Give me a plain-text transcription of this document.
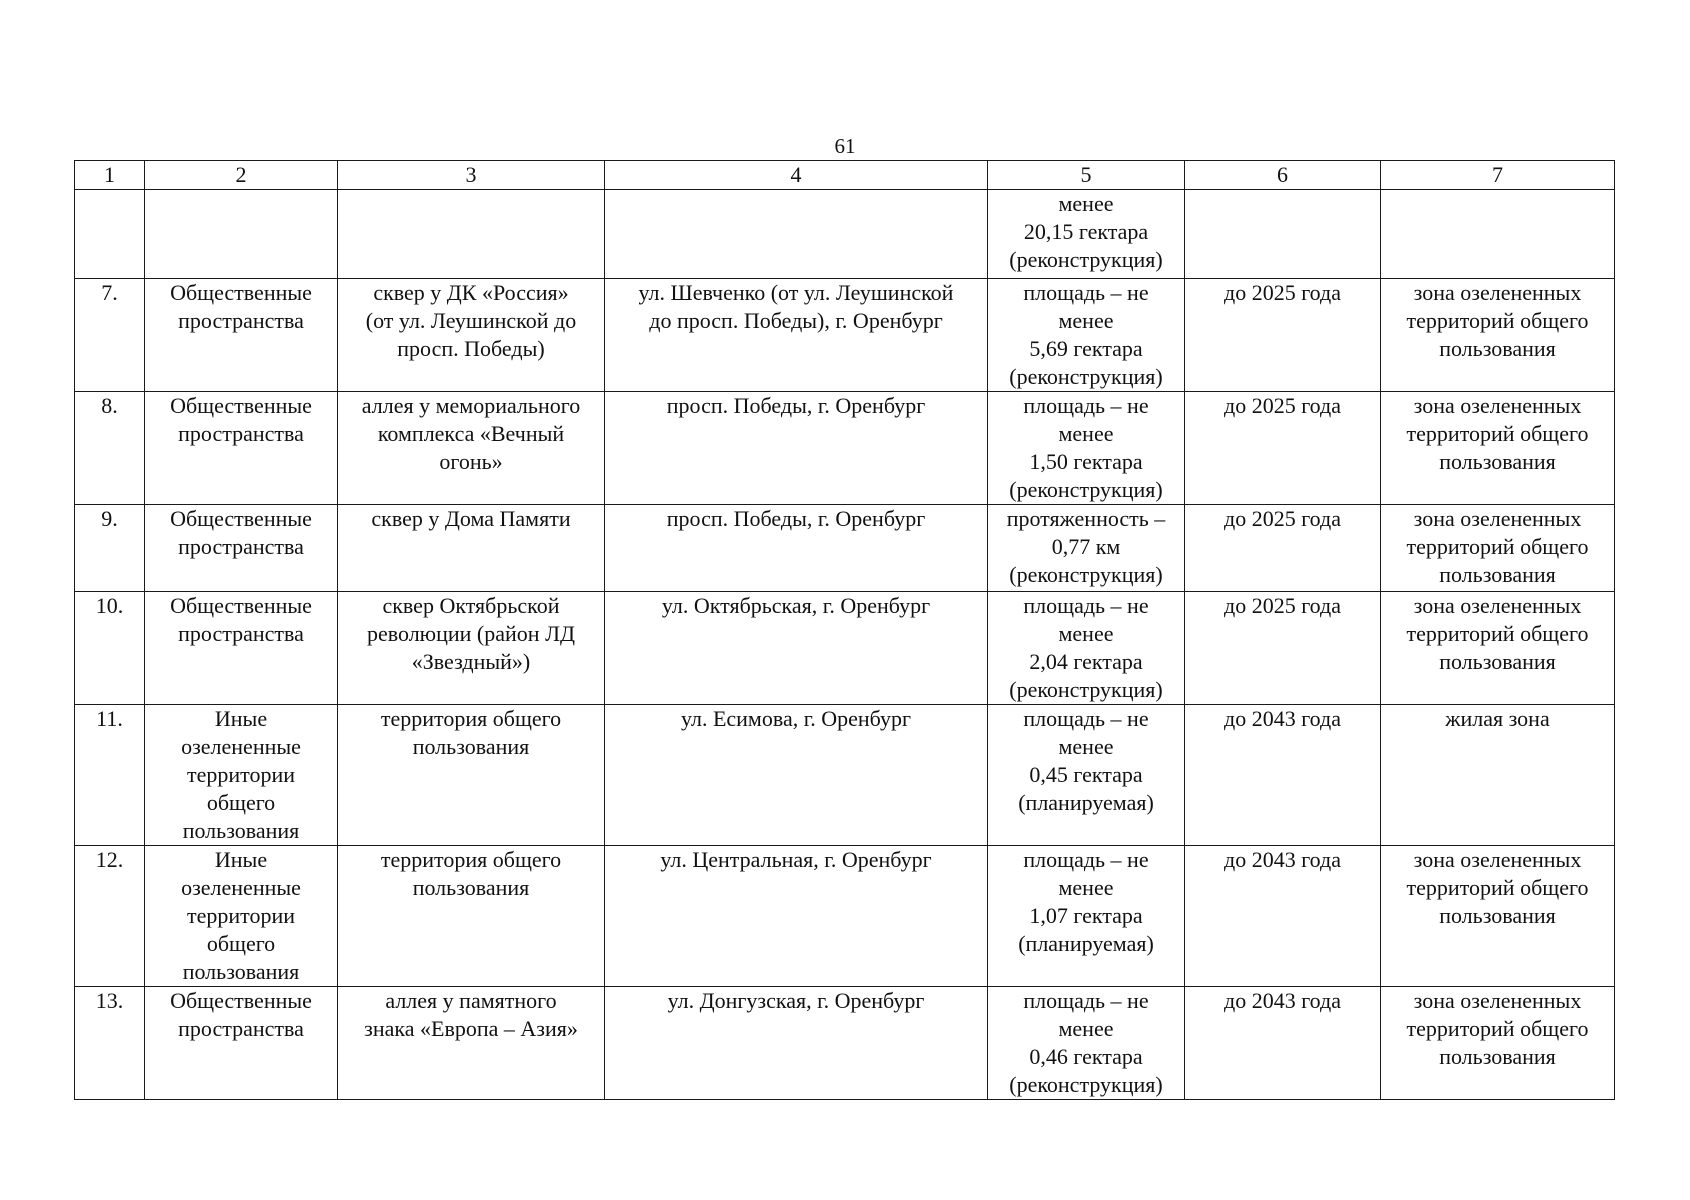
61
1	2	3	4	5	6	7

				менее
20,15 гектара
(реконструкция)		

7.	Общественные
пространства	сквер у ДК «Россия»
(от ул. Леушинской до
просп. Победы)	ул. Шевченко (от ул. Леушинской
до просп. Победы), г. Оренбург	площадь – не
менее
5,69 гектара
(реконструкция)	до 2025 года	зона озелененных
территорий общего
пользования

8.	Общественные
пространства	аллея у мемориального
комплекса «Вечный
огонь»	просп. Победы, г. Оренбург	площадь – не
менее
1,50 гектара
(реконструкция)	до 2025 года	зона озелененных
территорий общего
пользования

9.	Общественные
пространства	сквер у Дома Памяти	просп. Победы, г. Оренбург	протяженность –
0,77 км
(реконструкция)	до 2025 года	зона озелененных
территорий общего
пользования

10.	Общественные
пространства	сквер Октябрьской
революции (район ЛД
«Звездный»)	ул. Октябрьская, г. Оренбург	площадь – не
менее
2,04 гектара
(реконструкция)	до 2025 года	зона озелененных
территорий общего
пользования

11.	Иные
озелененные
территории
общего
пользования	территория общего
пользования	ул. Есимова, г. Оренбург	площадь – не
менее
0,45 гектара
(планируемая)	до 2043 года	жилая зона

12.	Иные
озелененные
территории
общего
пользования	территория общего
пользования	ул. Центральная, г. Оренбург	площадь – не
менее
1,07 гектара
(планируемая)	до 2043 года	зона озелененных
территорий общего
пользования

13.	Общественные
пространства	аллея у памятного
знака «Европа – Азия»	ул. Донгузская, г. Оренбург	площадь – не
менее
0,46 гектара
(реконструкция)	до 2043 года	зона озелененных
территорий общего
пользования
